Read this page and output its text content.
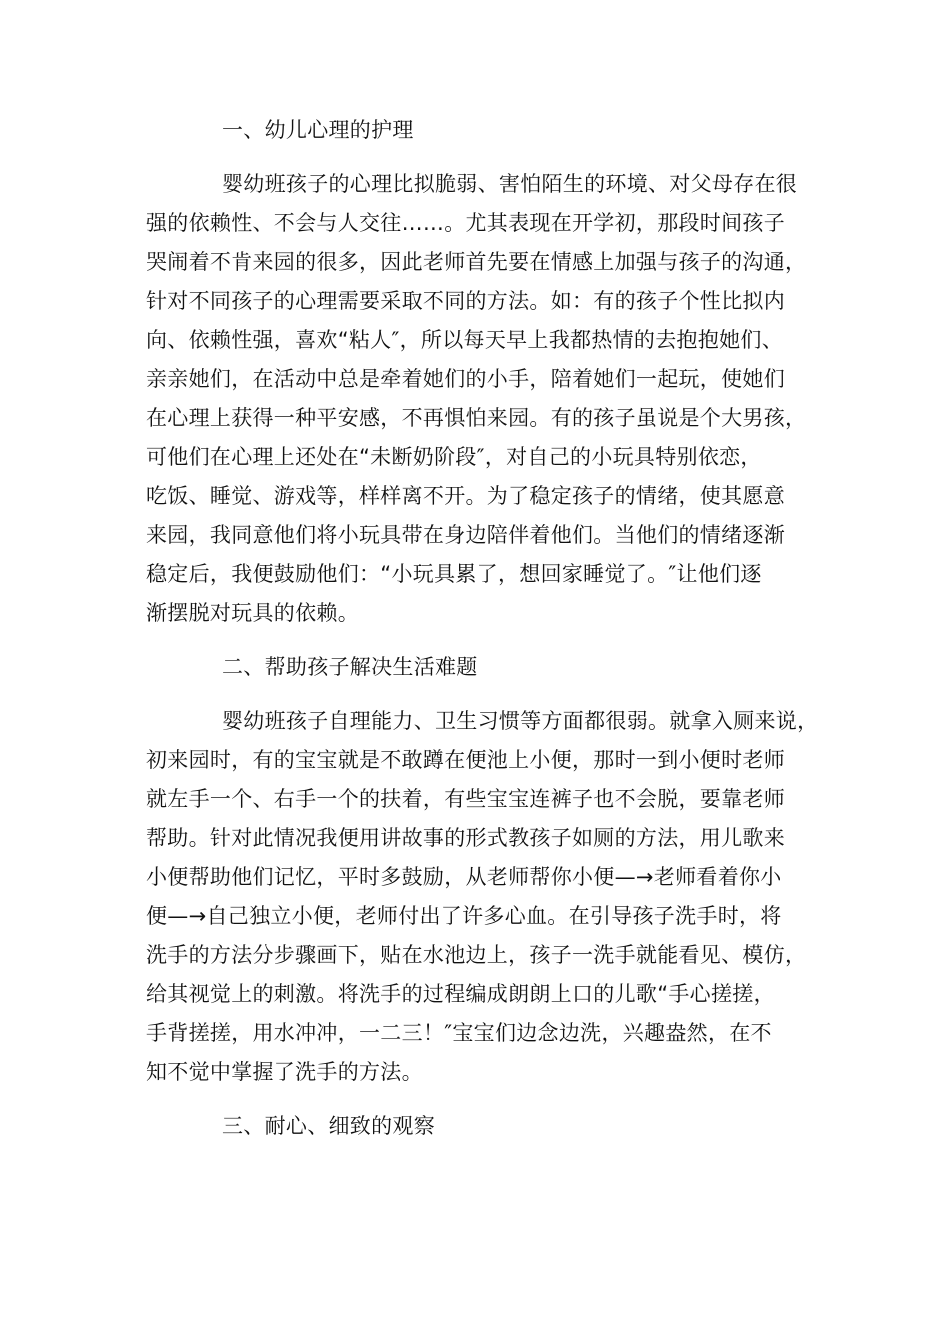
一、幼儿心理的护理
婴幼班孩子的心理比拟脆弱、害怕陌生的环境、对父母存在很
强的依赖性、不会与人交往……。尤其表现在开学初，那段时间孩子
哭闹着不肯来园的很多，因此老师首先要在情感上加强与孩子的沟通，
针对不同孩子的心理需要采取不同的方法。如：有的孩子个性比拟内
向、依赖性强，喜欢“粘人″，所以每天早上我都热情的去抱抱她们、
亲亲她们，在活动中总是牵着她们的小手，陪着她们一起玩，使她们
在心理上获得一种平安感，不再惧怕来园。有的孩子虽说是个大男孩，
可他们在心理上还处在“未断奶阶段″，对自己的小玩具特别依恋，
吃饭、睡觉、游戏等，样样离不开。为了稳定孩子的情绪，使其愿意
来园，我同意他们将小玩具带在身边陪伴着他们。当他们的情绪逐渐
稳定后，我便鼓励他们：“小玩具累了，想回家睡觉了。″让他们逐
渐摆脱对玩具的依赖。
二、帮助孩子解决生活难题
婴幼班孩子自理能力、卫生习惯等方面都很弱。就拿入厕来说，
初来园时，有的宝宝就是不敢蹲在便池上小便，那时一到小便时老师
就左手一个、右手一个的扶着，有些宝宝连裤子也不会脱，要靠老师
帮助。针对此情况我便用讲故事的形式教孩子如厕的方法，用儿歌来
小便帮助他们记忆，平时多鼓励，从老师帮你小便—→老师看着你小
便—→自己独立小便，老师付出了许多心血。在引导孩子洗手时，将
洗手的方法分步骤画下，贴在水池边上，孩子一洗手就能看见、模仿，
给其视觉上的刺激。将洗手的过程编成朗朗上口的儿歌“手心搓搓，
手背搓搓，用水冲冲，一二三！″宝宝们边念边洗，兴趣盎然，在不
知不觉中掌握了洗手的方法。
三、耐心、细致的观察
